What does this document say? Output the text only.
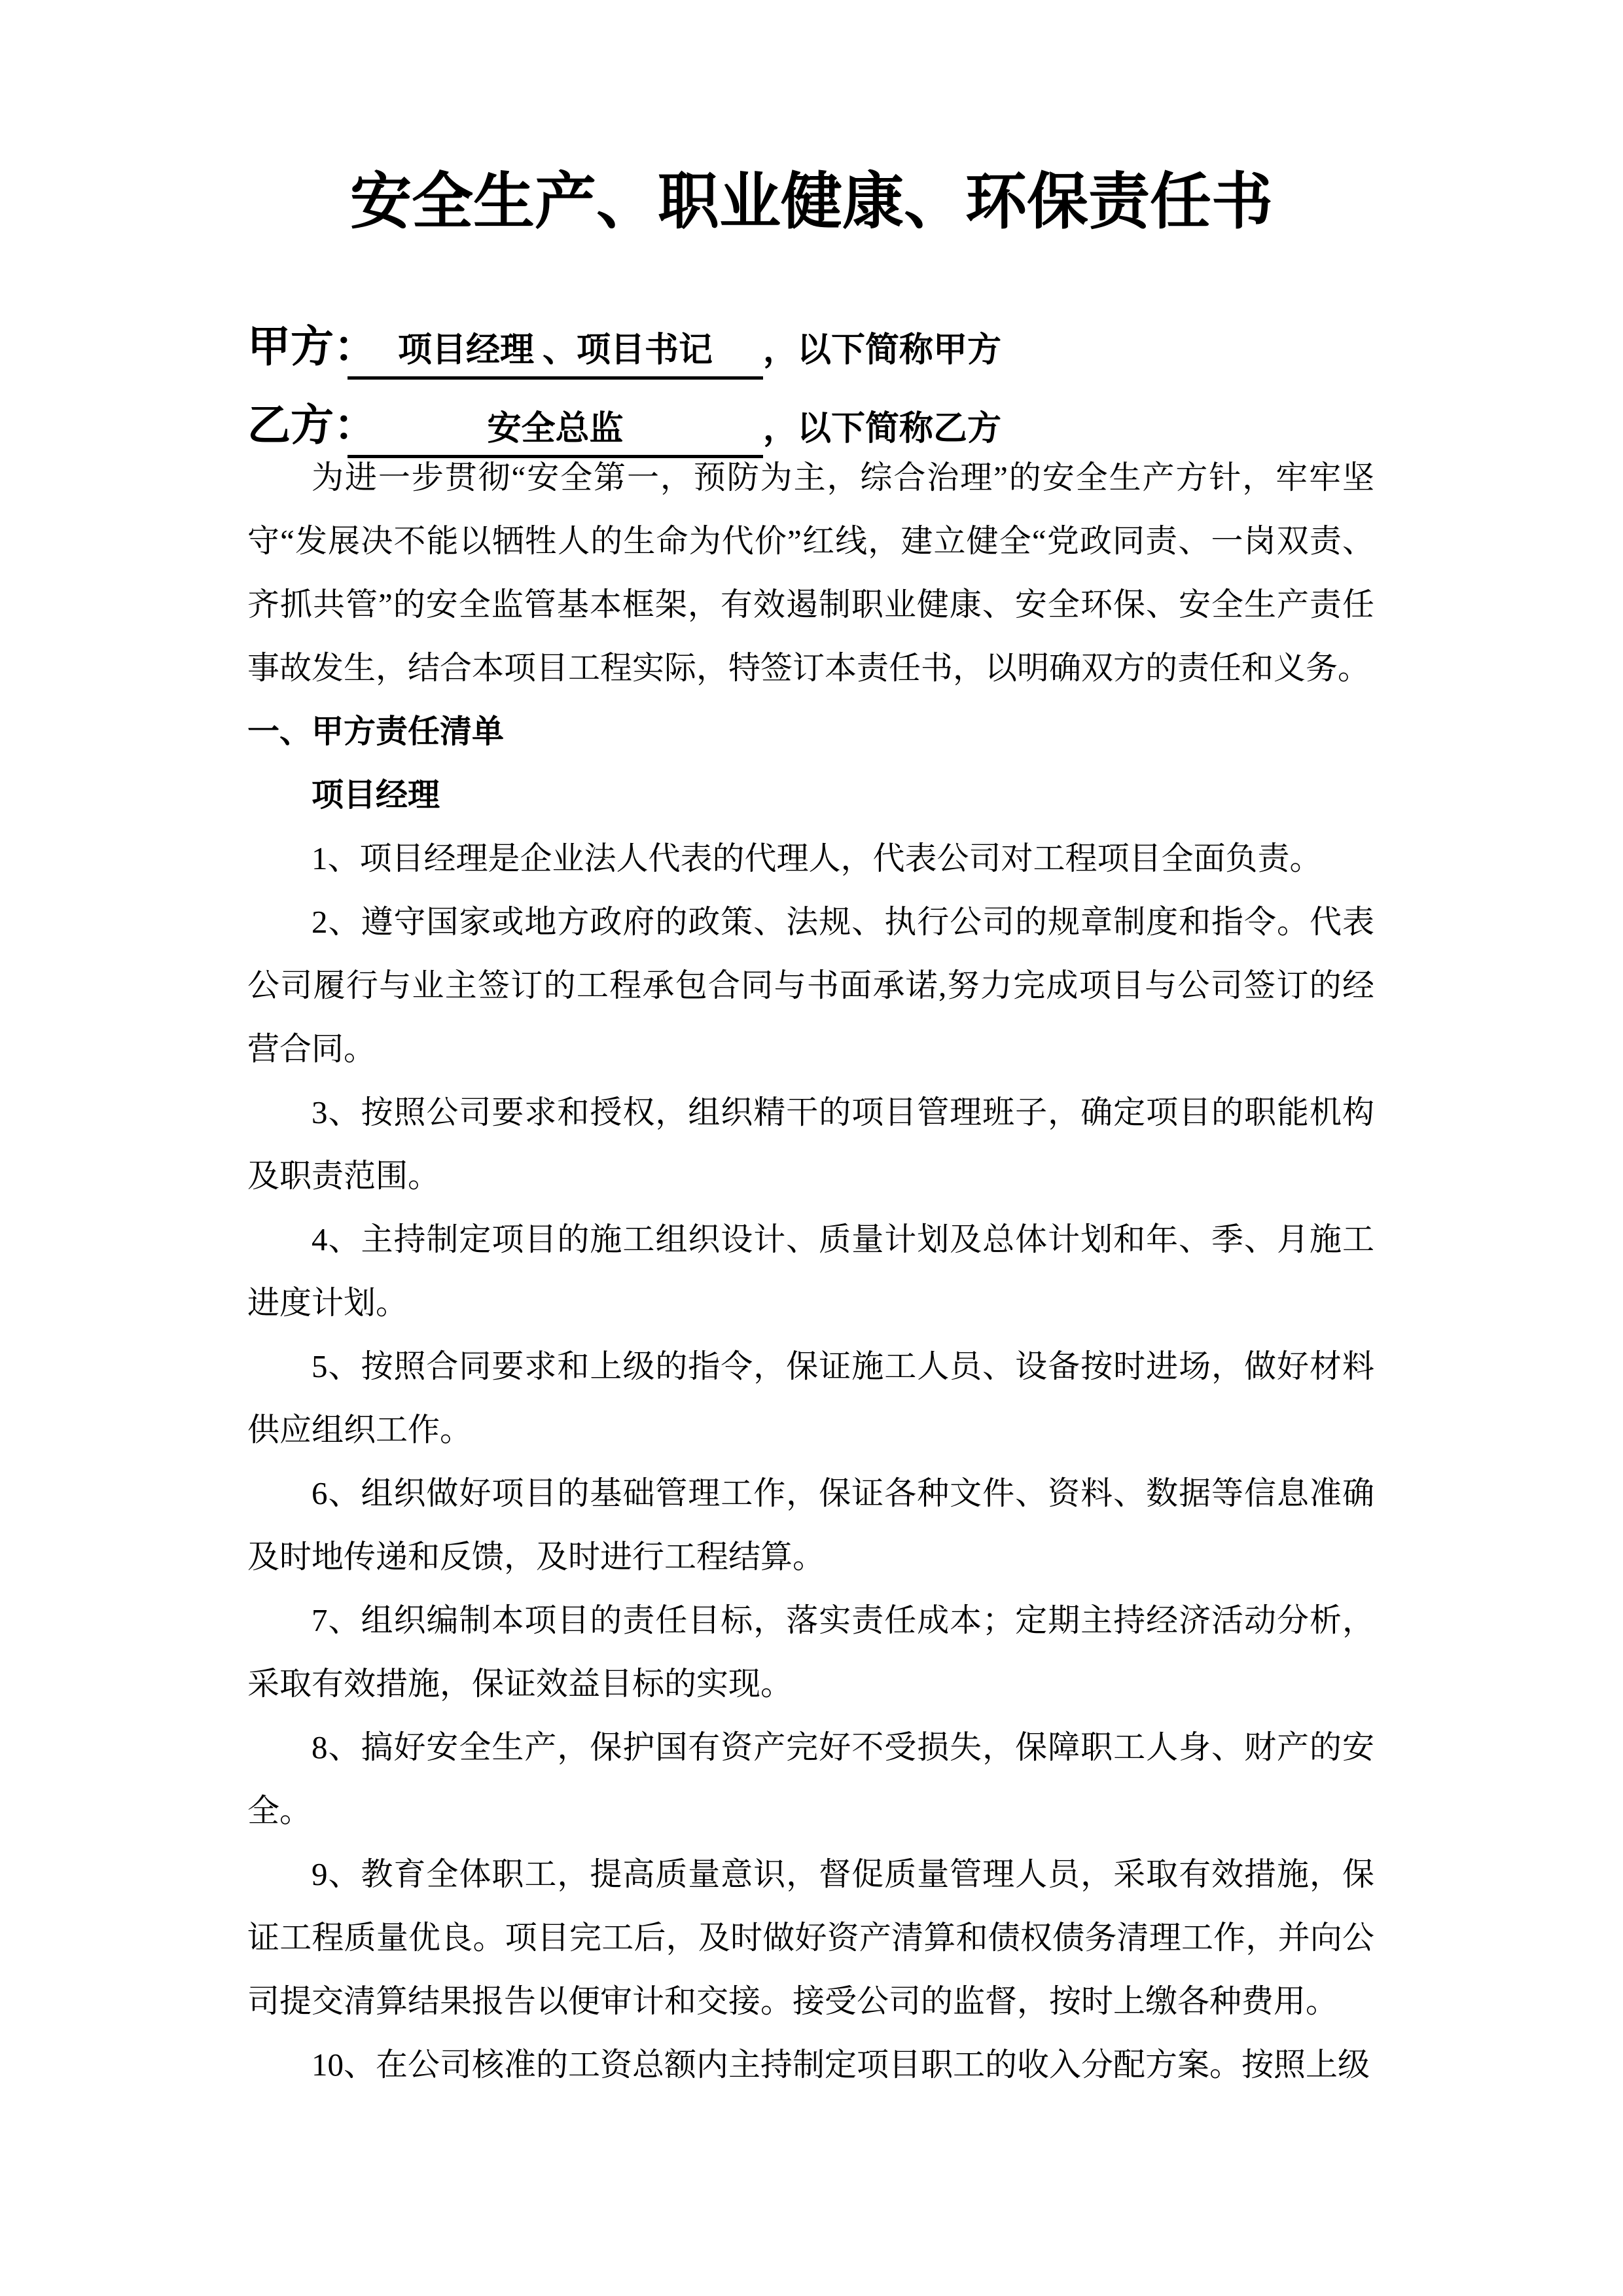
安全生产、职业健康、环保责任书
甲方： 项目经理 、项目书记	，以下简称甲方
乙方：	安全总监	，以下简称乙方

为进一步贯彻“安全第一，预防为主，综合治理”的安全生产方针，牢牢坚守“发展决不能以牺牲人的生命为代价”红线，建立健全“党政同责、一岗双责、齐抓共管”的安全监管基本框架，有效遏制职业健康、安全环保、安全生产责任事故发生，结合本项目工程实际，特签订本责任书，以明确双方的责任和义务。

一、甲方责任清单

项目经理

1、项目经理是企业法人代表的代理人，代表公司对工程项目全面负责。

2、遵守国家或地方政府的政策、法规、执行公司的规章制度和指令。代表公司履行与业主签订的工程承包合同与书面承诺,努力完成项目与公司签订的经营合同。

3、按照公司要求和授权，组织精干的项目管理班子，确定项目的职能机构及职责范围。

4、主持制定项目的施工组织设计、质量计划及总体计划和年、季、月施工进度计划。

5、按照合同要求和上级的指令，保证施工人员、设备按时进场，做好材料供应组织工作。

6、组织做好项目的基础管理工作，保证各种文件、资料、数据等信息准确及时地传递和反馈，及时进行工程结算。

7、组织编制本项目的责任目标，落实责任成本；定期主持经济活动分析，采取有效措施，保证效益目标的实现。

8、搞好安全生产，保护国有资产完好不受损失，保障职工人身、财产的安全。

9、教育全体职工，提高质量意识，督促质量管理人员，采取有效措施，保证工程质量优良。项目完工后，及时做好资产清算和债权债务清理工作，并向公司提交清算结果报告以便审计和交接。接受公司的监督，按时上缴各种费用。

10、在公司核准的工资总额内主持制定项目职工的收入分配方案。按照上级
